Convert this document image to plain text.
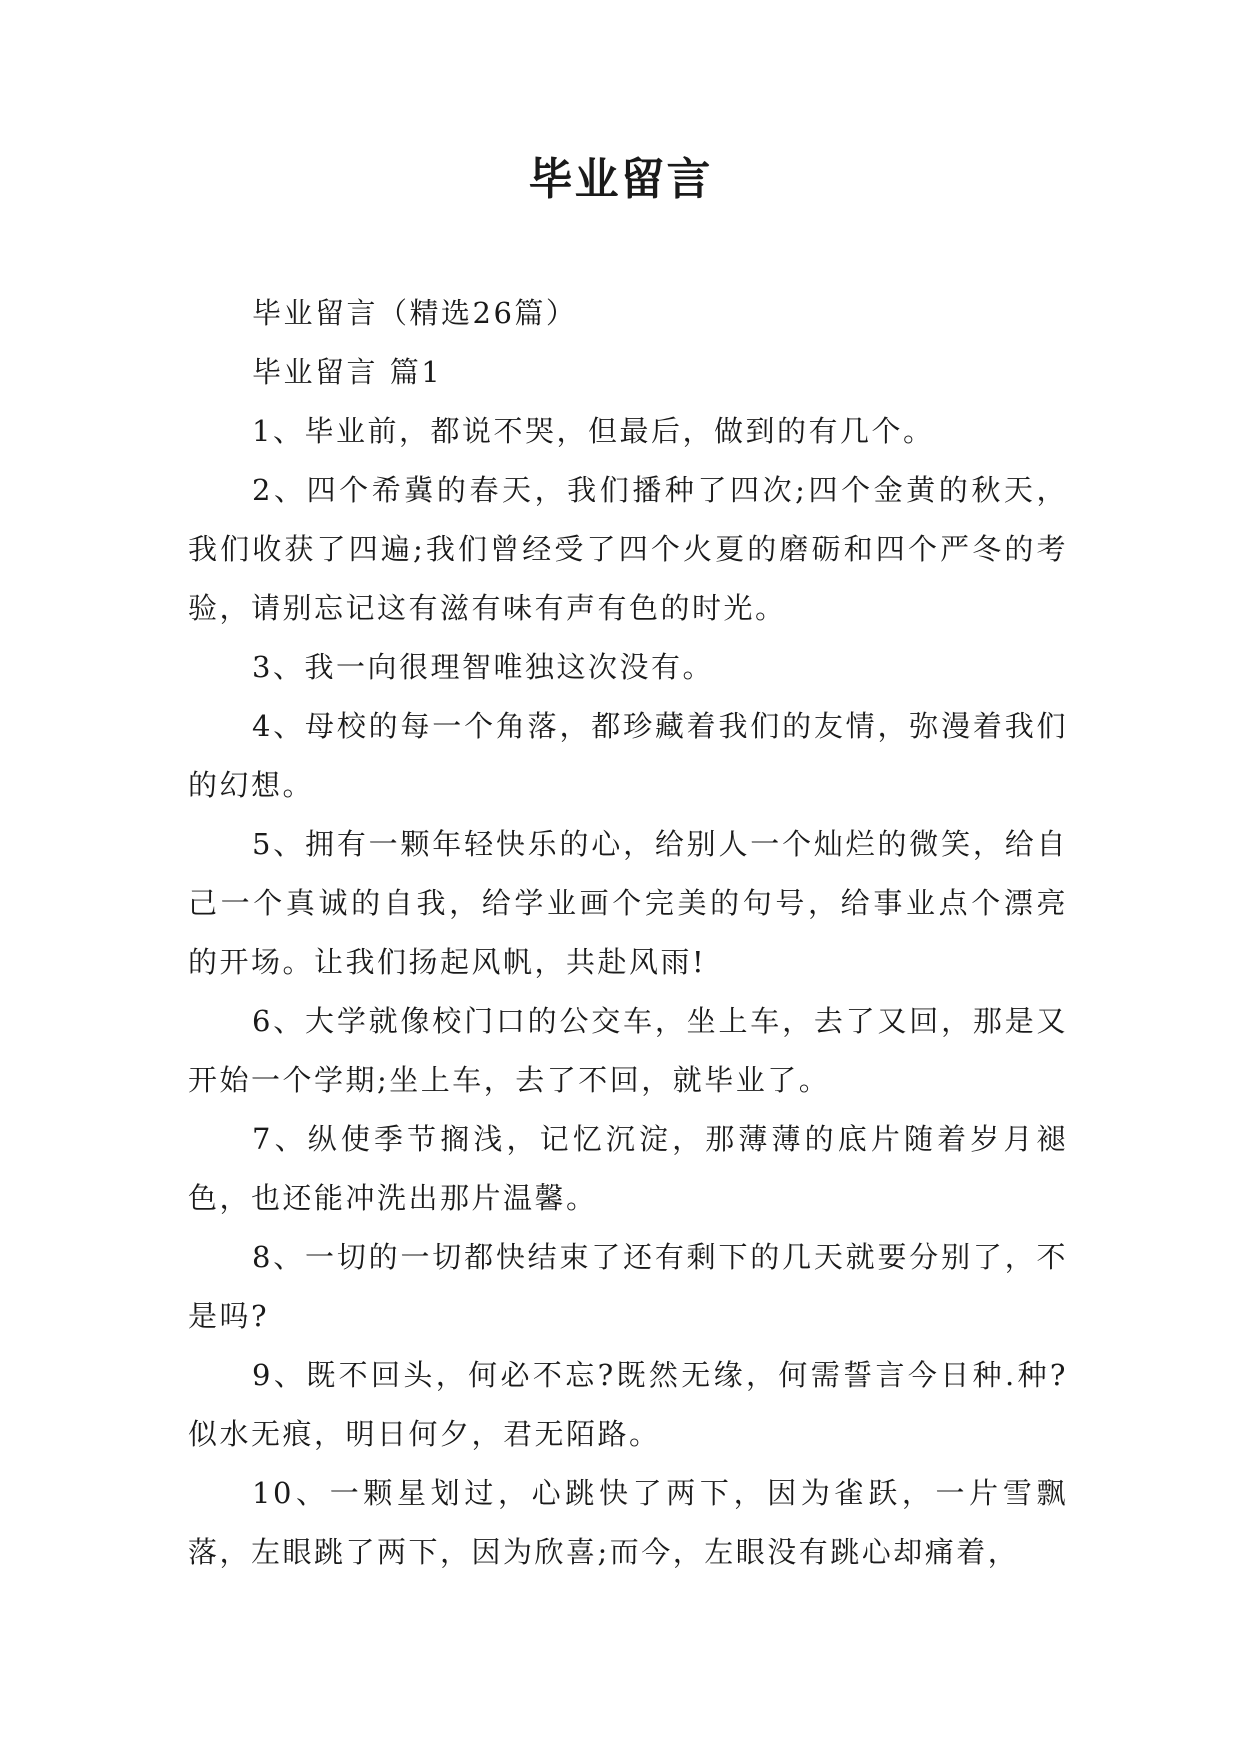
毕业留言

毕业留言（精选26篇）

毕业留言 篇1

1、毕业前，都说不哭，但最后，做到的有几个。

2、四个希冀的春天，我们播种了四次;四个金黄的秋天，我们收获了四遍;我们曾经受了四个火夏的磨砺和四个严冬的考验，请别忘记这有滋有味有声有色的时光。

3、我一向很理智唯独这次没有。

4、母校的每一个角落，都珍藏着我们的友情，弥漫着我们的幻想。

5、拥有一颗年轻快乐的心，给别人一个灿烂的微笑，给自己一个真诚的自我，给学业画个完美的句号，给事业点个漂亮的开场。让我们扬起风帆，共赴风雨!

6、大学就像校门口的公交车，坐上车，去了又回，那是又开始一个学期;坐上车，去了不回，就毕业了。

7、纵使季节搁浅，记忆沉淀，那薄薄的底片随着岁月褪色，也还能冲洗出那片温馨。

8、一切的一切都快结束了还有剩下的几天就要分别了，不是吗?

9、既不回头，何必不忘?既然无缘，何需誓言今日种.种?似水无痕，明日何夕，君无陌路。

10、一颗星划过，心跳快了两下，因为雀跃，一片雪飘落，左眼跳了两下，因为欣喜;而今，左眼没有跳心却痛着，
